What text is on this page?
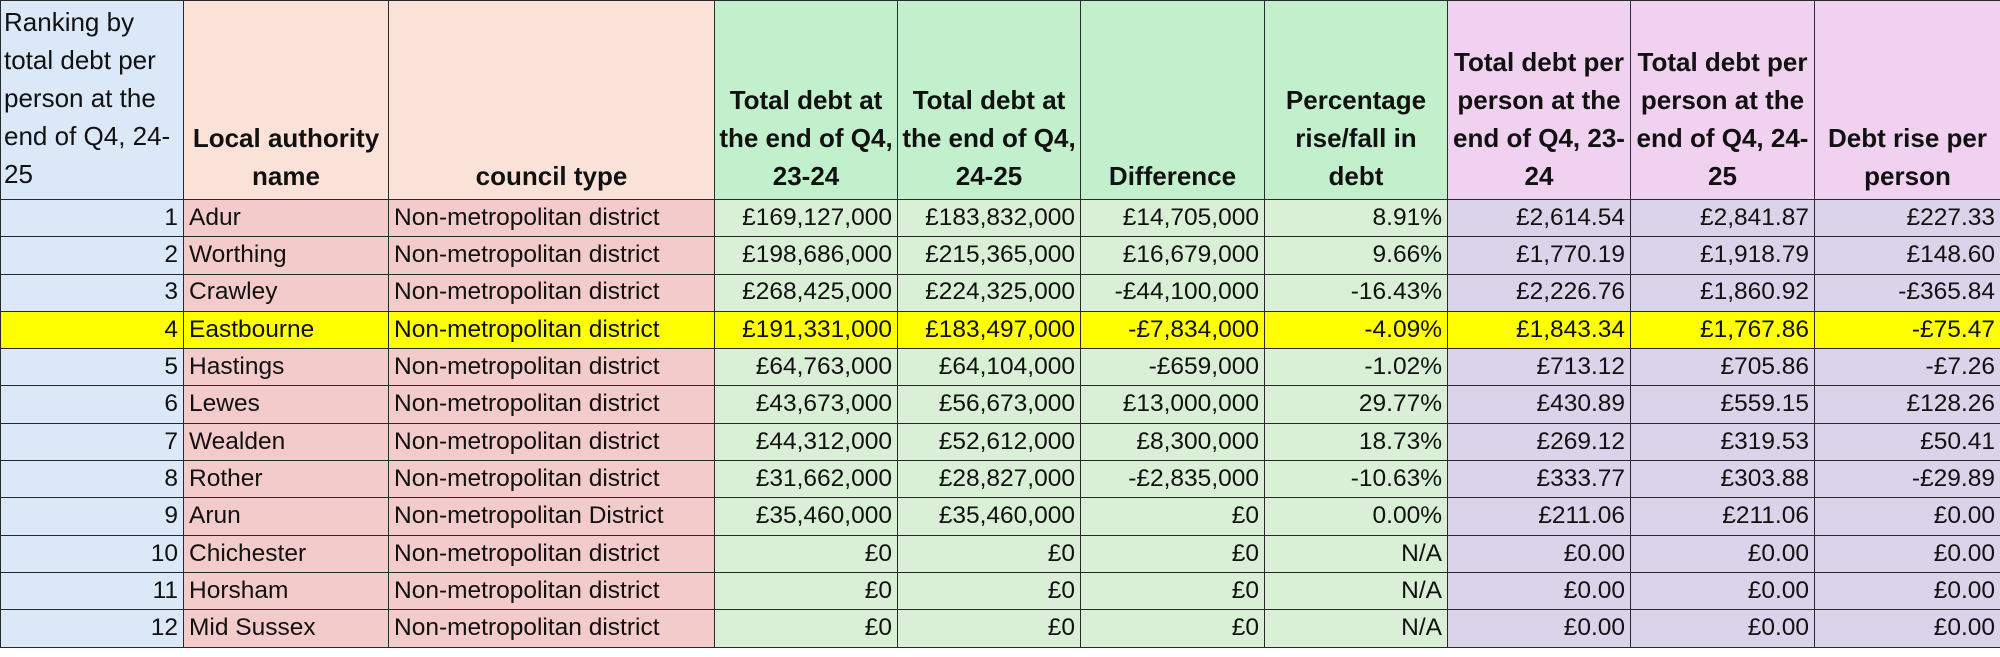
Ranking by total debt per person at the end of Q4, 24-25	Local authority name	council type	Total debt at the end of Q4, 23-24	Total debt at the end of Q4, 24-25	Difference	Percentage rise/fall in debt	Total debt per person at the end of Q4, 23-24	Total debt per person at the end of Q4, 24-25	Debt rise per person
1	Adur	Non-metropolitan district	£169,127,000	£183,832,000	£14,705,000	8.91%	£2,614.54	£2,841.87	£227.33
2	Worthing	Non-metropolitan district	£198,686,000	£215,365,000	£16,679,000	9.66%	£1,770.19	£1,918.79	£148.60
3	Crawley	Non-metropolitan district	£268,425,000	£224,325,000	-£44,100,000	-16.43%	£2,226.76	£1,860.92	-£365.84
4	Eastbourne	Non-metropolitan district	£191,331,000	£183,497,000	-£7,834,000	-4.09%	£1,843.34	£1,767.86	-£75.47
5	Hastings	Non-metropolitan district	£64,763,000	£64,104,000	-£659,000	-1.02%	£713.12	£705.86	-£7.26
6	Lewes	Non-metropolitan district	£43,673,000	£56,673,000	£13,000,000	29.77%	£430.89	£559.15	£128.26
7	Wealden	Non-metropolitan district	£44,312,000	£52,612,000	£8,300,000	18.73%	£269.12	£319.53	£50.41
8	Rother	Non-metropolitan district	£31,662,000	£28,827,000	-£2,835,000	-10.63%	£333.77	£303.88	-£29.89
9	Arun	Non-metropolitan District	£35,460,000	£35,460,000	£0	0.00%	£211.06	£211.06	£0.00
10	Chichester	Non-metropolitan district	£0	£0	£0	N/A	£0.00	£0.00	£0.00
11	Horsham	Non-metropolitan district	£0	£0	£0	N/A	£0.00	£0.00	£0.00
12	Mid Sussex	Non-metropolitan district	£0	£0	£0	N/A	£0.00	£0.00	£0.00
